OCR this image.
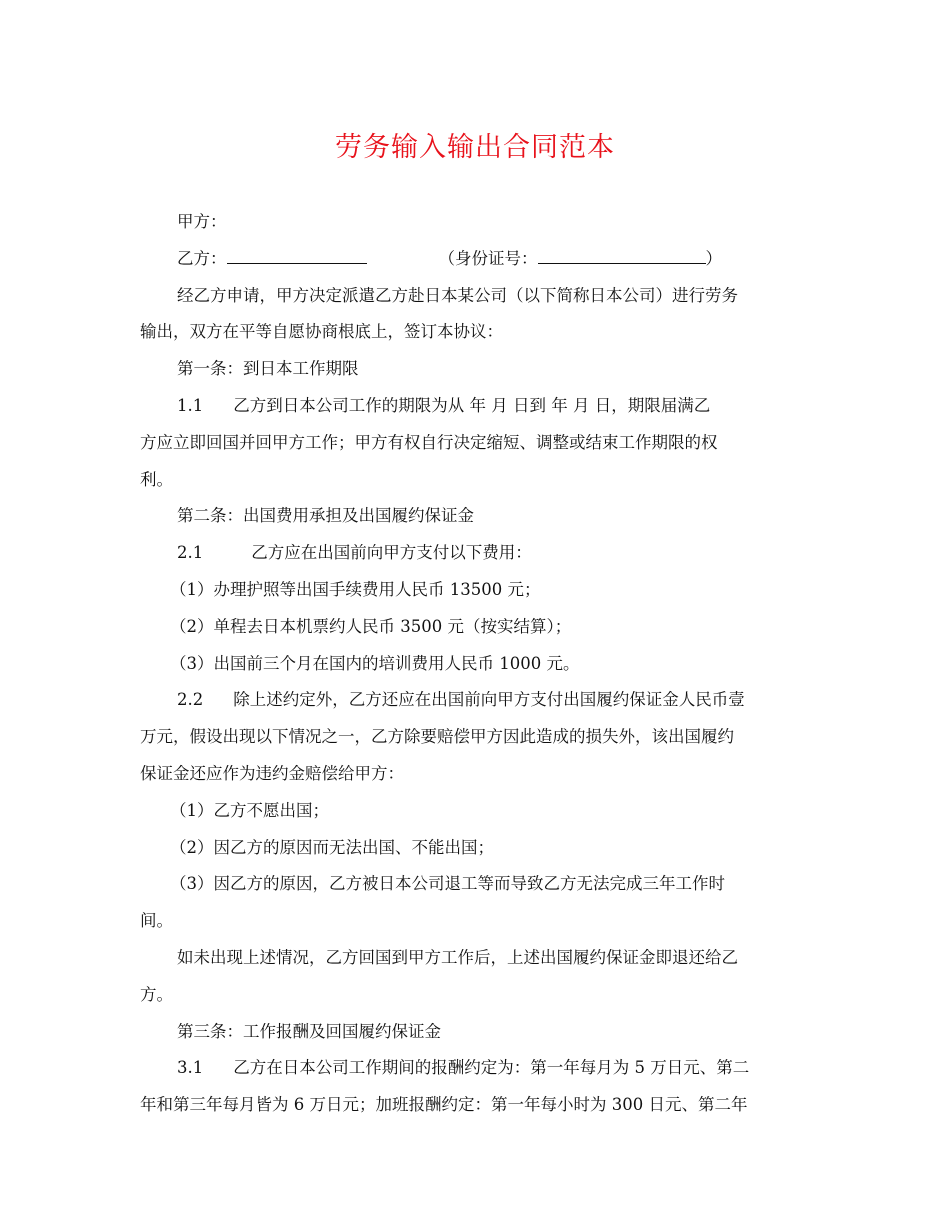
劳务输入输出合同范本
甲方：
乙方：	（身份证号：	）
经乙方申请，甲方决定派遣乙方赴日本某公司（以下简称日本公司）进行劳务
输出，双方在平等自愿协商根底上，签订本协议：
第一条：到日本工作期限
1.1 乙方到日本公司工作的期限为从 年 月 日到 年 月 日，期限届满乙
方应立即回国并回甲方工作；甲方有权自行决定缩短、调整或结束工作期限的权
利。
第二条：出国费用承担及出国履约保证金
2.1	乙方应在出国前向甲方支付以下费用：
（1）办理护照等出国手续费用人民币 13500 元；
（2）单程去日本机票约人民币 3500 元（按实结算）；
（3）出国前三个月在国内的培训费用人民币 1000 元。
2.2 除上述约定外，乙方还应在出国前向甲方支付出国履约保证金人民币壹
万元，假设出现以下情况之一，乙方除要赔偿甲方因此造成的损失外，该出国履约
保证金还应作为违约金赔偿给甲方：
（1）乙方不愿出国；
（2）因乙方的原因而无法出国、不能出国；
（3）因乙方的原因，乙方被日本公司退工等而导致乙方无法完成三年工作时
间。
如未出现上述情况，乙方回国到甲方工作后，上述出国履约保证金即退还给乙
方。
第三条：工作报酬及回国履约保证金
3.1 乙方在日本公司工作期间的报酬约定为：第一年每月为 5 万日元、第二
年和第三年每月皆为 6 万日元；加班报酬约定：第一年每小时为 300 日元、第二年
